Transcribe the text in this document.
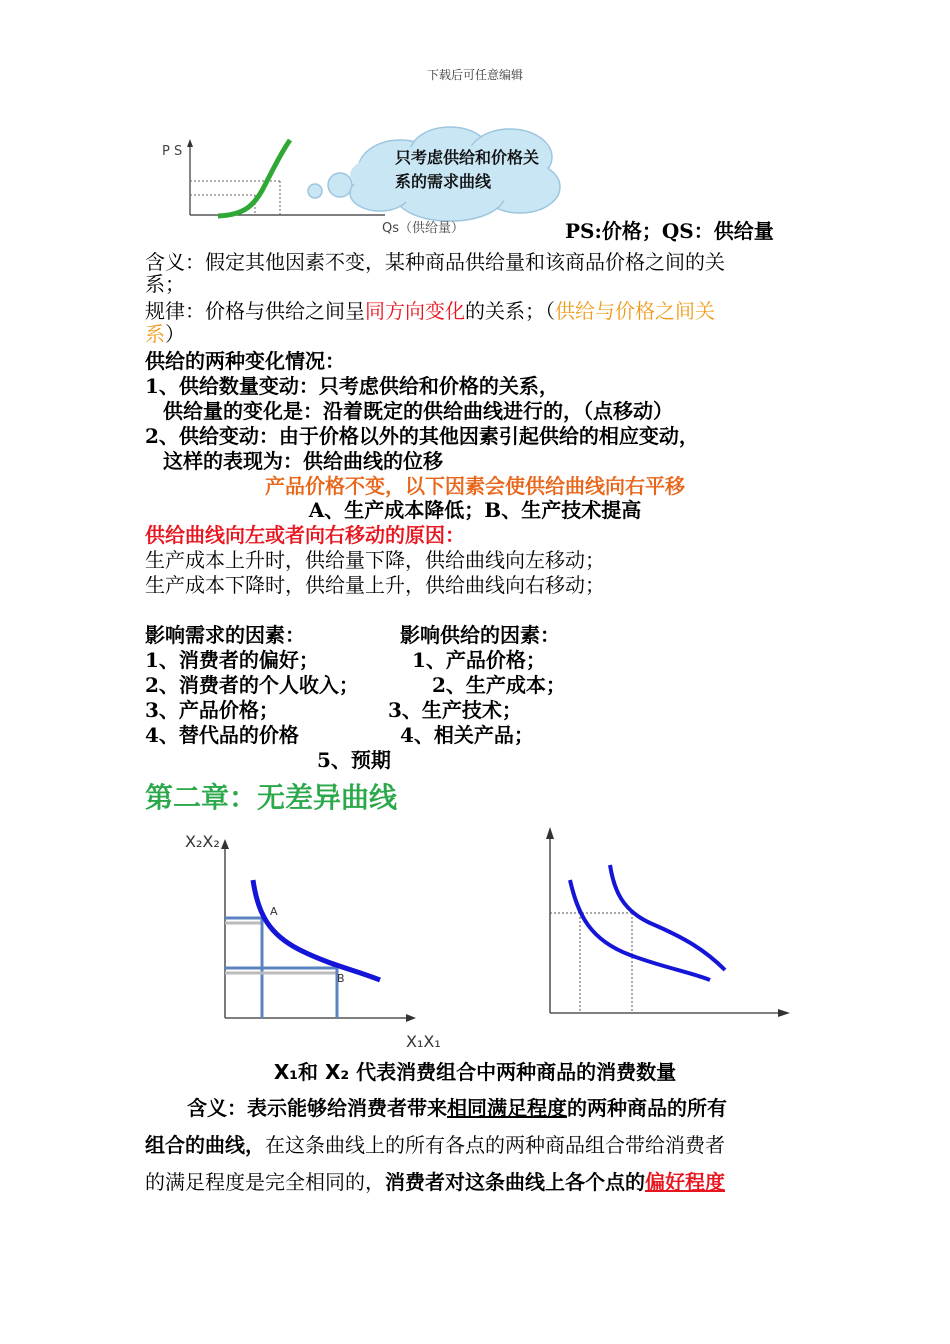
下载后可任意编辑
只考虑供给和价格关
系的需求曲线
P S
Qs（供给量）	PS:价格；QS：供给量
含义：假定其他因素不变，某种商品供给量和该商品价格之间的关
系；
规律：价格与供给之间呈同方向变化的关系；（供给与价格之间关
系）
供给的两种变化情况：
1、供给数量变动：只考虑供给和价格的关系，
供给量的变化是：沿着既定的供给曲线进行的，（点移动）
2、供给变动：由于价格以外的其他因素引起供给的相应变动，
这样的表现为：供给曲线的位移
产品价格不变，以下因素会使供给曲线向右平移
A、生产成本降低；B、生产技术提高
供给曲线向左或者向右移动的原因：
生产成本上升时，供给量下降，供给曲线向左移动；
生产成本下降时，供给量上升，供给曲线向右移动；
影响需求的因素：
1、消费者的偏好；
2、消费者的个人收入；
3、产品价格；
4、替代品的价格
影响供给的因素：
1、产品价格；
2、生产成本；
3、生产技术；
4、相关产品；
5、预期
第二章：无差异曲线
A
B
X₂X₂
X₁X₁
X₁和 X₂ 代表消费组合中两种商品的消费数量
含义：表示能够给消费者带来相同满足程度的两种商品的所有
组合的曲线，在这条曲线上的所有各点的两种商品组合带给消费者
的满足程度是完全相同的，消费者对这条曲线上各个点的偏好程度
